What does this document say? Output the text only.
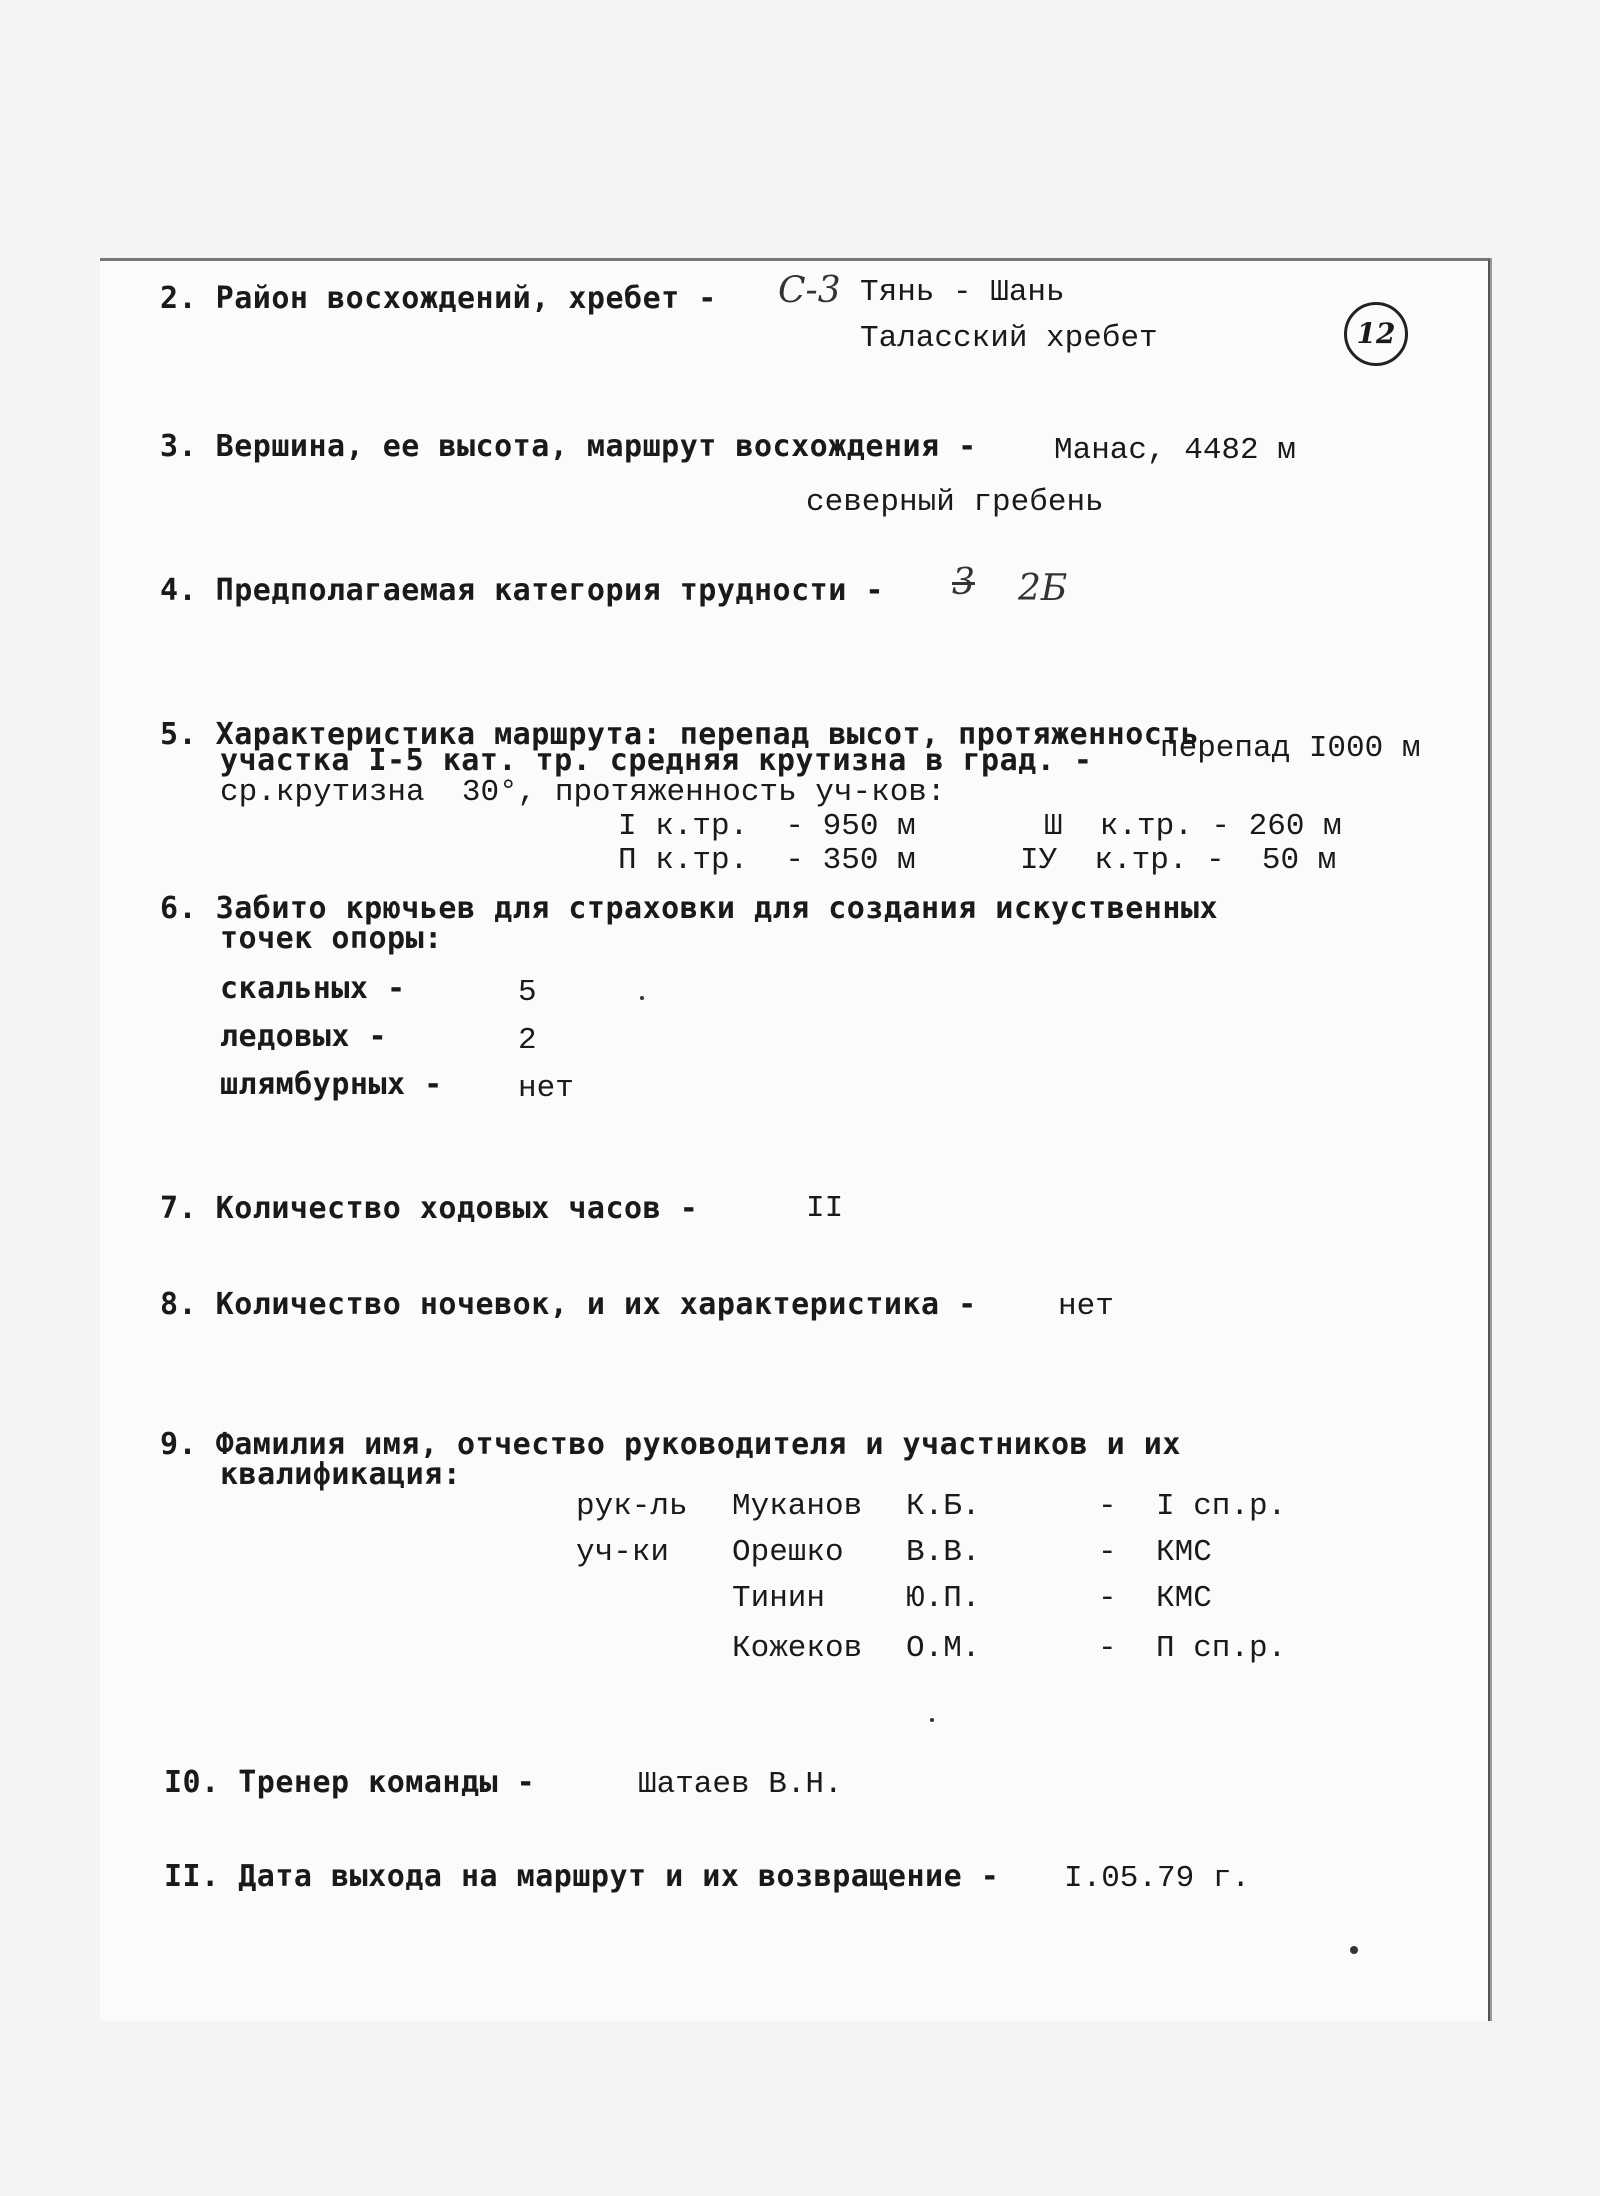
12
2. Район восхождений, хребет - С-3 Тянь - Шань
Таласский хребет
3. Вершина, ее высота, маршрут восхождения - Манас, 4482 м
северный гребень
4. Предполагаемая категория трудности - 3 2Б
5. Характеристика маршрута: перепад высот, протяженность
участка I-5 кат. тр. средняя крутизна в град. - перепад I000 м
ср.крутизна  30°, протяженность уч-ков:
I к.тр.  - 950 м	Ш  к.тр. - 260 м
П к.тр.  - 350 м	IУ  к.тр. -  50 м
6. Забито крючьев для страховки для создания искуственных
точек опоры:
скальных -	5
ледовых -	2
шлямбурных - нет
7. Количество ходовых часов -	II
8. Количество ночевок, и их характеристика -	нет
9. Фамилия имя, отчество руководителя и участников и их
квалификация:
рук-ль Муканов К.Б.	- I сп.р.
уч-ки Орешко В.В.	- КМС
Тинин	Ю.П.	- КМС
Кожеков О.М.	- П сп.р.
I0. Тренер команды -	Шатаев В.Н.
II. Дата выхода на маршрут и их возвращение - I.05.79 г.
